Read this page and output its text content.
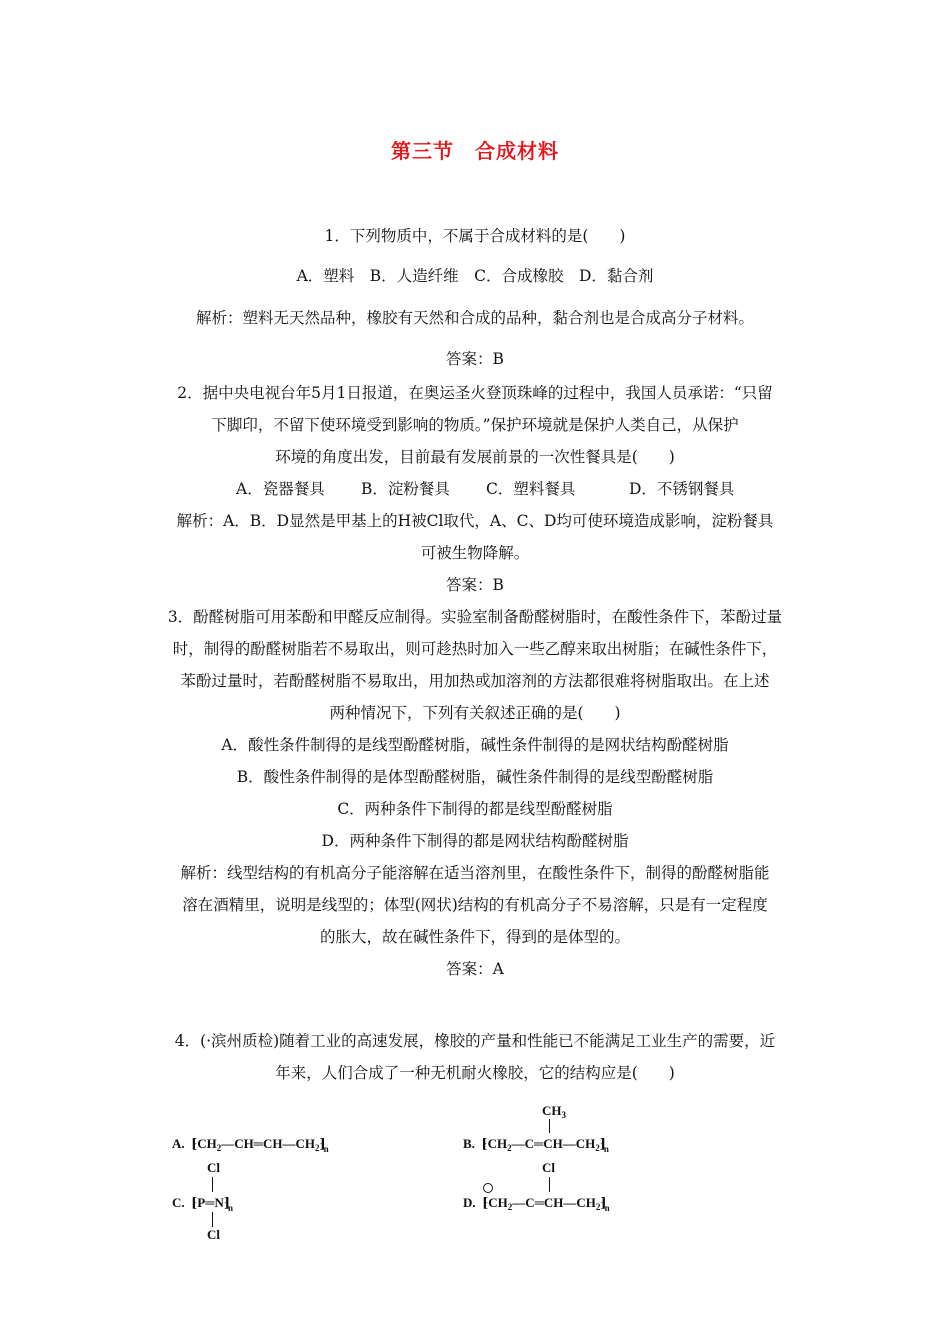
第三节　合成材料
1．下列物质中，不属于合成材料的是(　　)
A．塑料　B．人造纤维　C．合成橡胶　D．黏合剂
解析：塑料无天然品种，橡胶有天然和合成的品种，黏合剂也是合成高分子材料。
答案：B
2．据中央电视台年5月1日报道，在奥运圣火登顶珠峰的过程中，我国人员承诺：“只留
下脚印，不留下使环境受到影响的物质。”保护环境就是保护人类自己，从保护
环境的角度出发，目前最有发展前景的一次性餐具是(　　)
A．瓷器餐具 B．淀粉餐具 C．塑料餐具	D．不锈钢餐具
解析：A．B．D显然是甲基上的H被Cl取代，A、C、D均可使环境造成影响，淀粉餐具
可被生物降解。
答案：B
3．酚醛树脂可用苯酚和甲醛反应制得。实验室制备酚醛树脂时，在酸性条件下，苯酚过量
时，制得的酚醛树脂若不易取出，则可趁热时加入一些乙醇来取出树脂；在碱性条件下，
苯酚过量时，若酚醛树脂不易取出，用加热或加溶剂的方法都很难将树脂取出。在上述
两种情况下，下列有关叙述正确的是(　　)
A．酸性条件制得的是线型酚醛树脂，碱性条件制得的是网状结构酚醛树脂
B．酸性条件制得的是体型酚醛树脂，碱性条件制得的是线型酚醛树脂
C．两种条件下制得的都是线型酚醛树脂
D．两种条件下制得的都是网状结构酚醛树脂
解析：线型结构的有机高分子能溶解在适当溶剂里，在酸性条件下，制得的酚醛树脂能
溶在酒精里，说明是线型的；体型(网状)结构的有机高分子不易溶解，只是有一定程度
的胀大，故在碱性条件下，得到的是体型的。
答案：A
4．(·滨州质检)随着工业的高速发展，橡胶的产量和性能已不能满足工业生产的需要，近
年来，人们合成了一种无机耐火橡胶，它的结构应是(　　)
A.  $⁅CH_2—CH═CH—CH_2⁆_n$
$CH_3$
B.  $⁅CH_2—C═CH—CH_2⁆_n$
Cl
C.  $⁅P═N⁆_n$
Cl
Cl
D.  $⁅CH_2—C═CH—CH_2⁆_n$
